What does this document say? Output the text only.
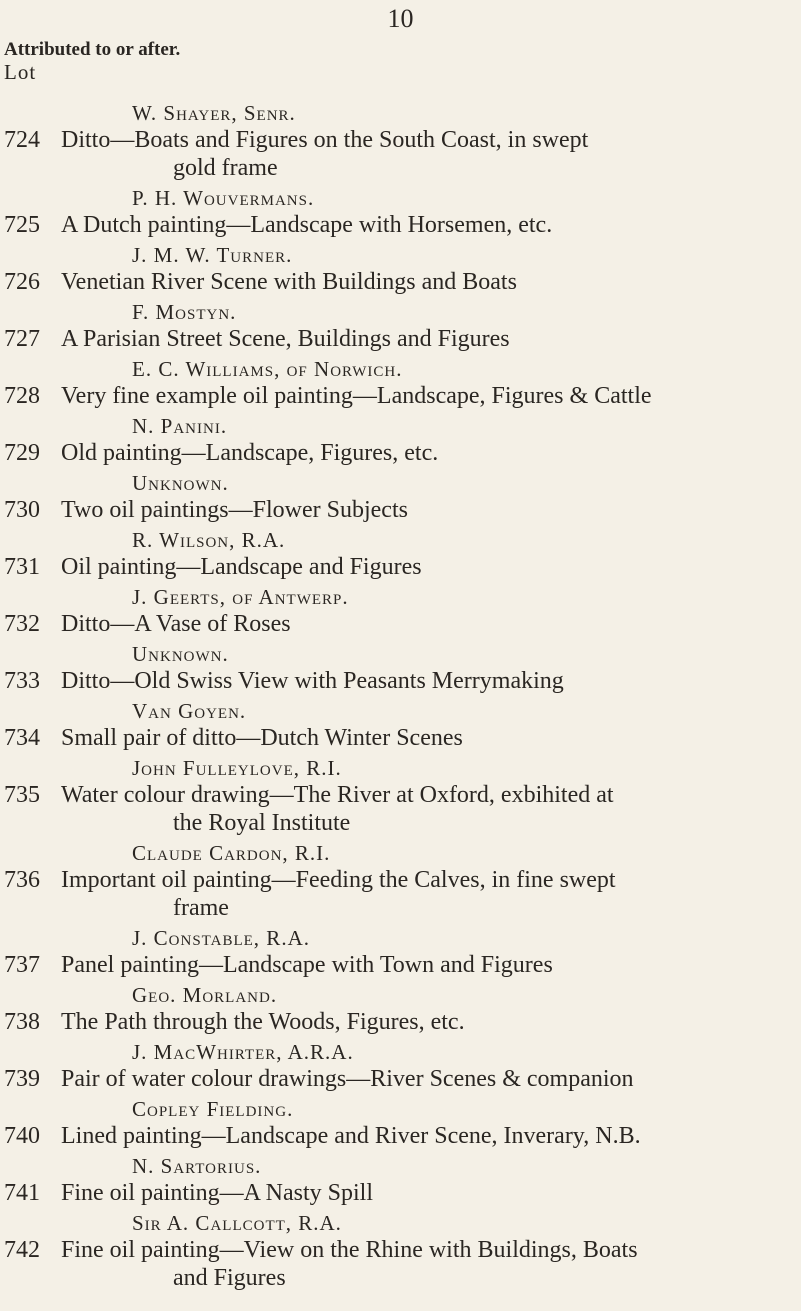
10
Attributed to or after.
Lot
W. Shayer, Senr.
724 Ditto—Boats and Figures on the South Coast, in swept
gold frame
P. H. Wouvermans.
725 A Dutch painting—Landscape with Horsemen, etc.
J. M. W. Turner.
726 Venetian River Scene with Buildings and Boats
F. Mostyn.
727 A Parisian Street Scene, Buildings and Figures
E. C. Williams, of Norwich.
728 Very fine example oil painting—Landscape, Figures & Cattle
N. Panini.
729 Old painting—Landscape, Figures, etc.
Unknown.
730 Two oil paintings—Flower Subjects
R. Wilson, R.A.
731 Oil painting—Landscape and Figures
J. Geerts, of Antwerp.
732 Ditto—A Vase of Roses
Unknown.
733 Ditto—Old Swiss View with Peasants Merrymaking
Van Goyen.
734 Small pair of ditto—Dutch Winter Scenes
John Fulleylove, R.I.
735 Water colour drawing—The River at Oxford, exbihited at
the Royal Institute
Claude Cardon, R.I.
736 Important oil painting—Feeding the Calves, in fine swept
frame
J. Constable, R.A.
737 Panel painting—Landscape with Town and Figures
Geo. Morland.
738 The Path through the Woods, Figures, etc.
J. MacWhirter, A.R.A.
739 Pair of water colour drawings—River Scenes & companion
Copley Fielding.
740 Lined painting—Landscape and River Scene, Inverary, N.B.
N. Sartorius.
741 Fine oil painting—A Nasty Spill
Sir A. Callcott, R.A.
742 Fine oil painting—View on the Rhine with Buildings, Boats
and Figures
